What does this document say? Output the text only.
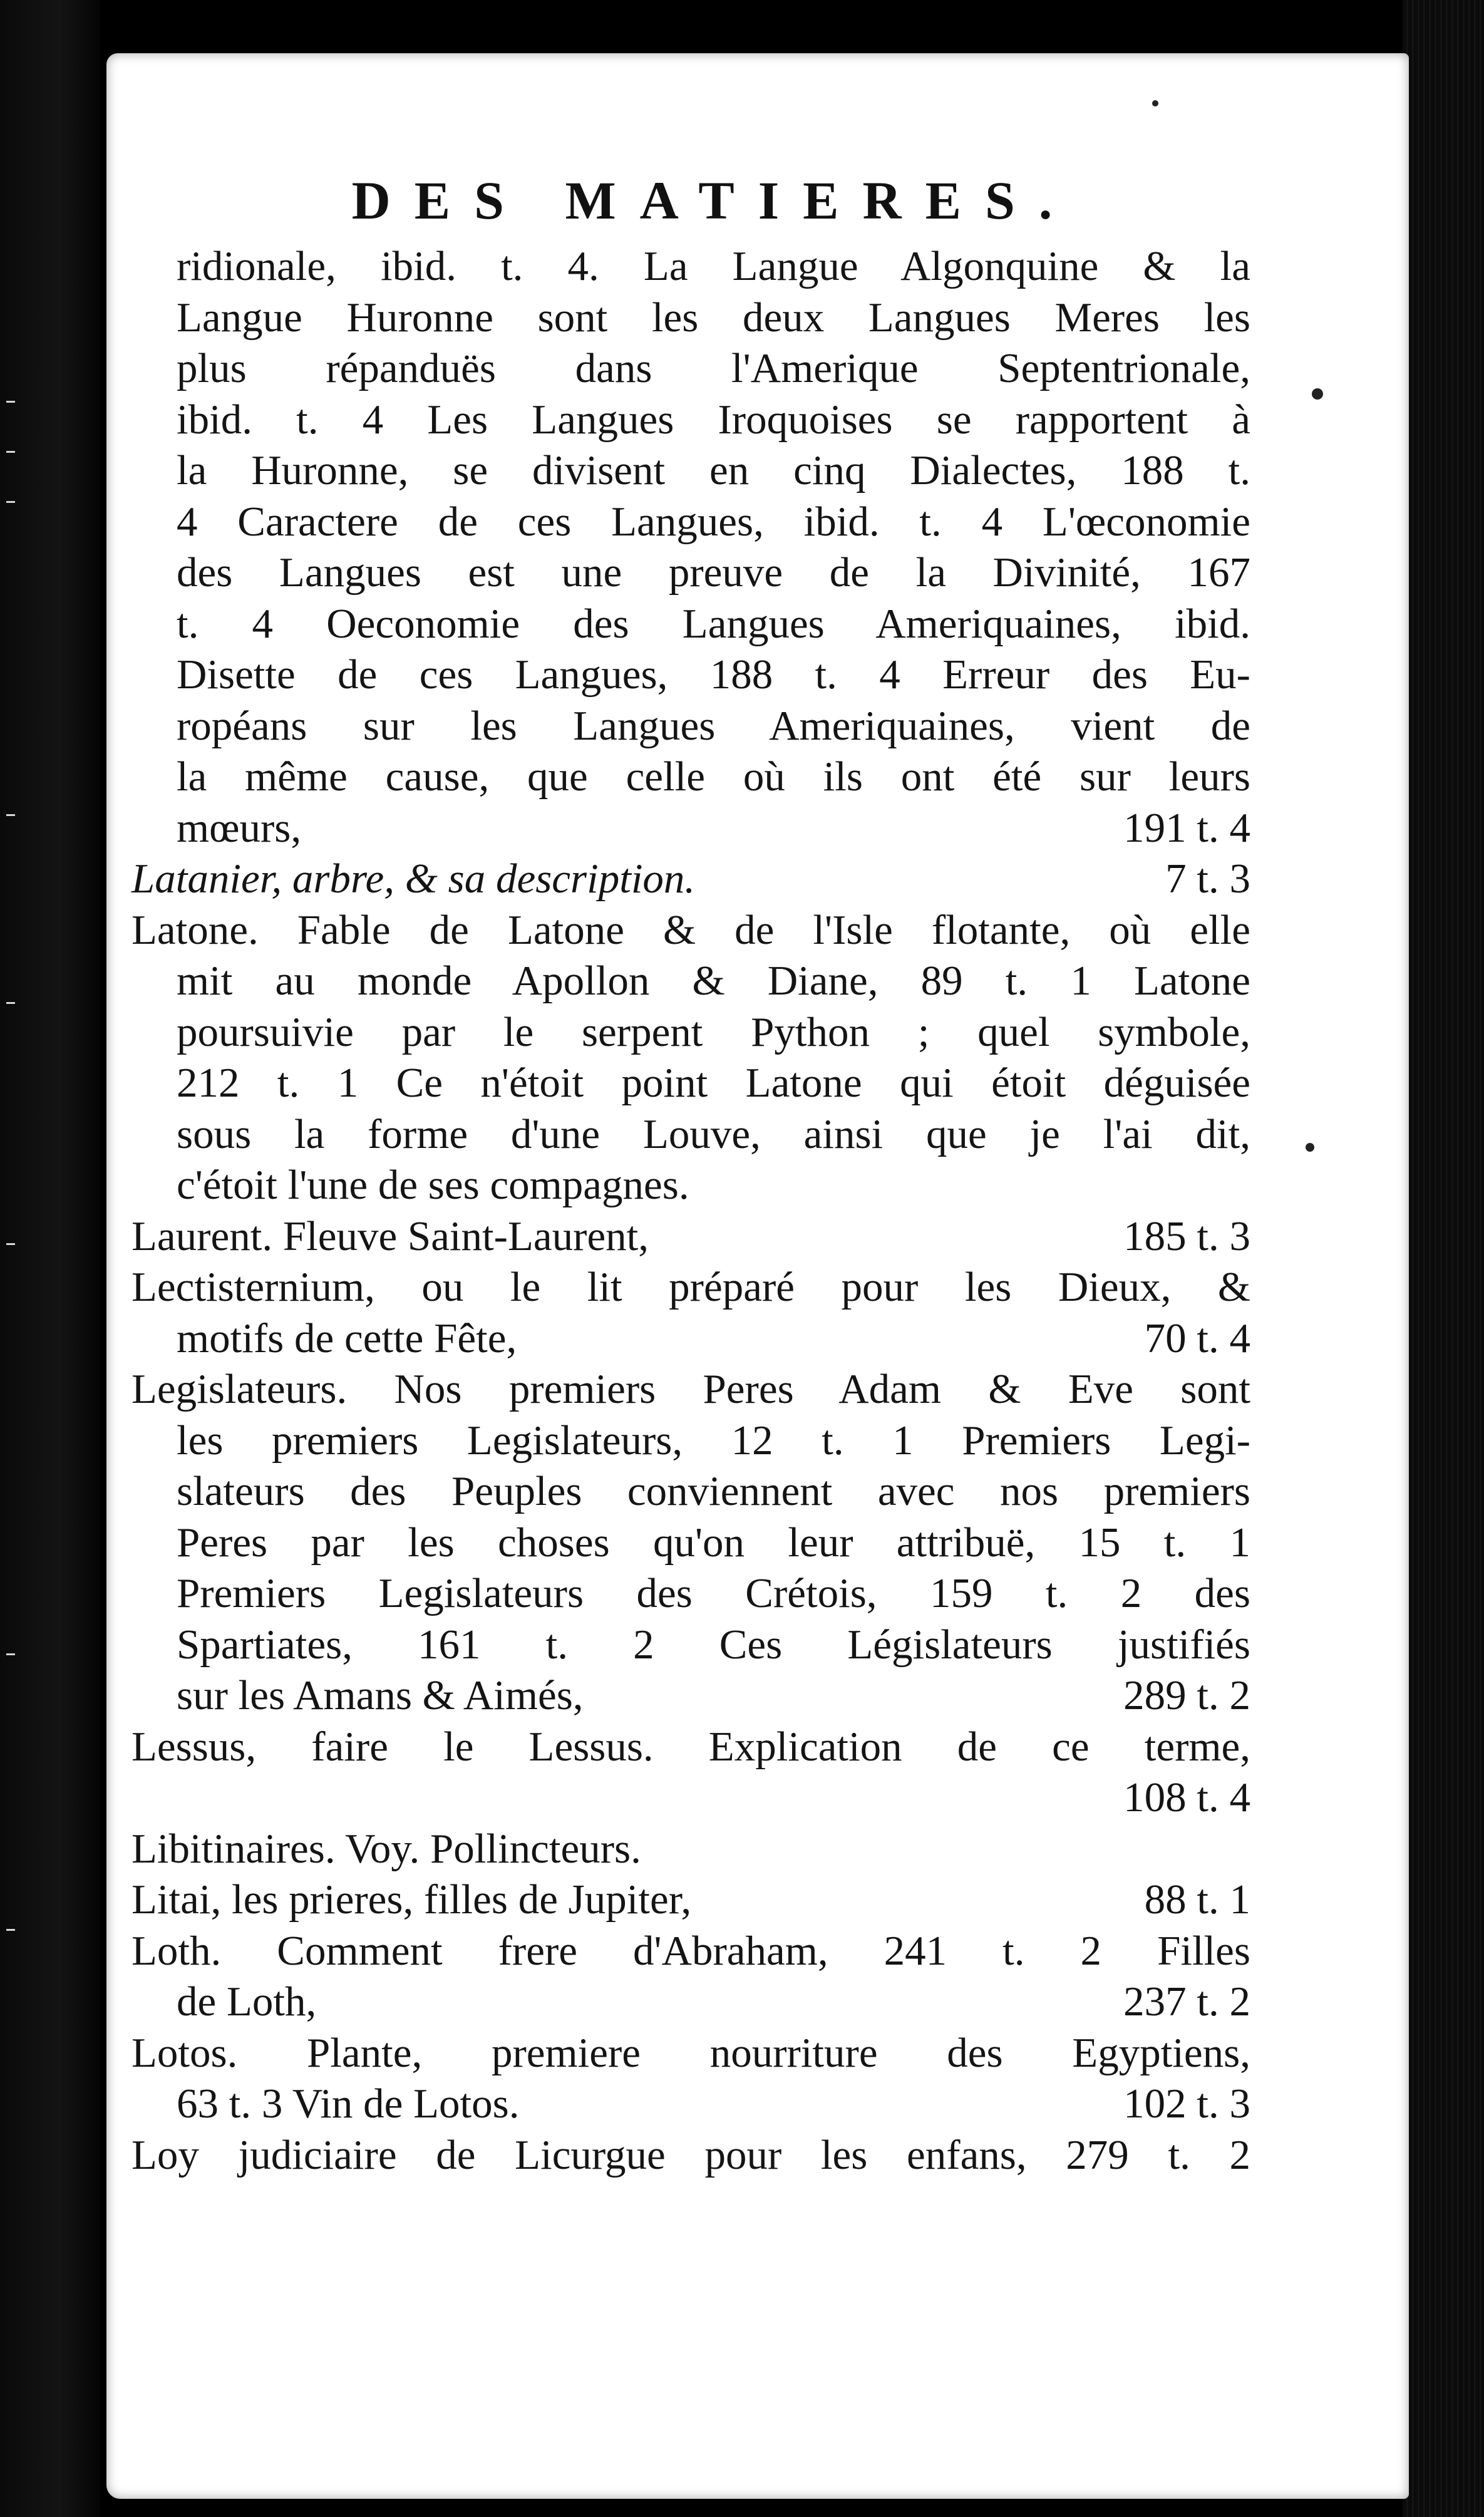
DES MATIERES.
ridionale, ibid. t. 4. La Langue Algonquine & la
Langue Huronne sont les deux Langues Meres les
plus répanduës dans l'Amerique Septentrionale,
ibid. t. 4 Les Langues Iroquoises se rapportent à
la Huronne, se divisent en cinq Dialectes, 188 t.
4 Caractere de ces Langues, ibid. t. 4 L'œconomie
des Langues est une preuve de la Divinité, 167
t. 4 Oeconomie des Langues Ameriquaines, ibid.
Disette de ces Langues, 188 t. 4 Erreur des Eu-
ropéans sur les Langues Ameriquaines, vient de
la même cause, que celle où ils ont été sur leurs
mœurs,	191 t. 4
Latanier, arbre, & sa description.	7 t. 3
Latone. Fable de Latone & de l'Isle flotante, où elle
mit au monde Apollon & Diane, 89 t. 1 Latone
poursuivie par le serpent Python ; quel symbole,
212 t. 1 Ce n'étoit point Latone qui étoit déguisée
sous la forme d'une Louve, ainsi que je l'ai dit,
c'étoit l'une de ses compagnes.
Laurent. Fleuve Saint-Laurent,	185 t. 3
Lectisternium, ou le lit préparé pour les Dieux, &
motifs de cette Fête,	70 t. 4
Legislateurs. Nos premiers Peres Adam & Eve sont
les premiers Legislateurs, 12 t. 1 Premiers Legi-
slateurs des Peuples conviennent avec nos premiers
Peres par les choses qu'on leur attribuë, 15 t. 1
Premiers Legislateurs des Crétois, 159 t. 2 des
Spartiates, 161 t. 2 Ces Législateurs justifiés
sur les Amans & Aimés,	289 t. 2
Lessus, faire le Lessus. Explication de ce terme,
108 t. 4
Libitinaires. Voy. Pollincteurs.
Litai, les prieres, filles de Jupiter,	88 t. 1
Loth. Comment frere d'Abraham, 241 t. 2 Filles
de Loth,	237 t. 2
Lotos. Plante, premiere nourriture des Egyptiens,
63 t. 3 Vin de Lotos.	102 t. 3
Loy judiciaire de Licurgue pour les enfans, 279 t. 2
